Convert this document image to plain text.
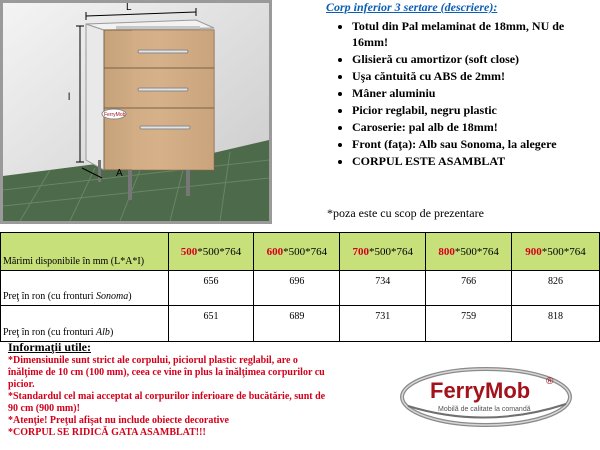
L
l
A
FerryMob

Corp inferior 3 sertare (descriere):

• Totul din Pal melaminat de 18mm, NU de 16mm!
• Glisieră cu amortizor (soft close)
• Uşa căntuită cu ABS de 2mm!
• Mâner aluminiu
• Picior reglabil, negru plastic
• Caroserie: pal alb de 18mm!
• Front (faţa): Alb sau Sonoma, la alegere
• CORPUL ESTE ASAMBLAT

*poza este cu scop de prezentare

Mărimi disponibile în mm (L*A*I)	500*500*764	600*500*764	700*500*764	800*500*764	900*500*764
Preţ în ron (cu fronturi Sonoma)	656	696	734	766	826
Preţ în ron (cu fronturi Alb)	651	689	731	759	818

Informaţii utile:

*Dimensiunile sunt strict ale corpului, piciorul plastic reglabil, are o

înălţime de 10 cm (100 mm), ceea ce vine în plus la înălţimea corpurilor cu

picior.

*Standardul cel mai acceptat al corpurilor inferioare de bucătărie, sunt de

90 cm (900 mm)!

*Atenţie! Preţul afişat nu include obiecte decorative

*CORPUL SE RIDICĂ GATA ASAMBLAT!!!

FerryMob ®
Mobilă de calitate la comandă
